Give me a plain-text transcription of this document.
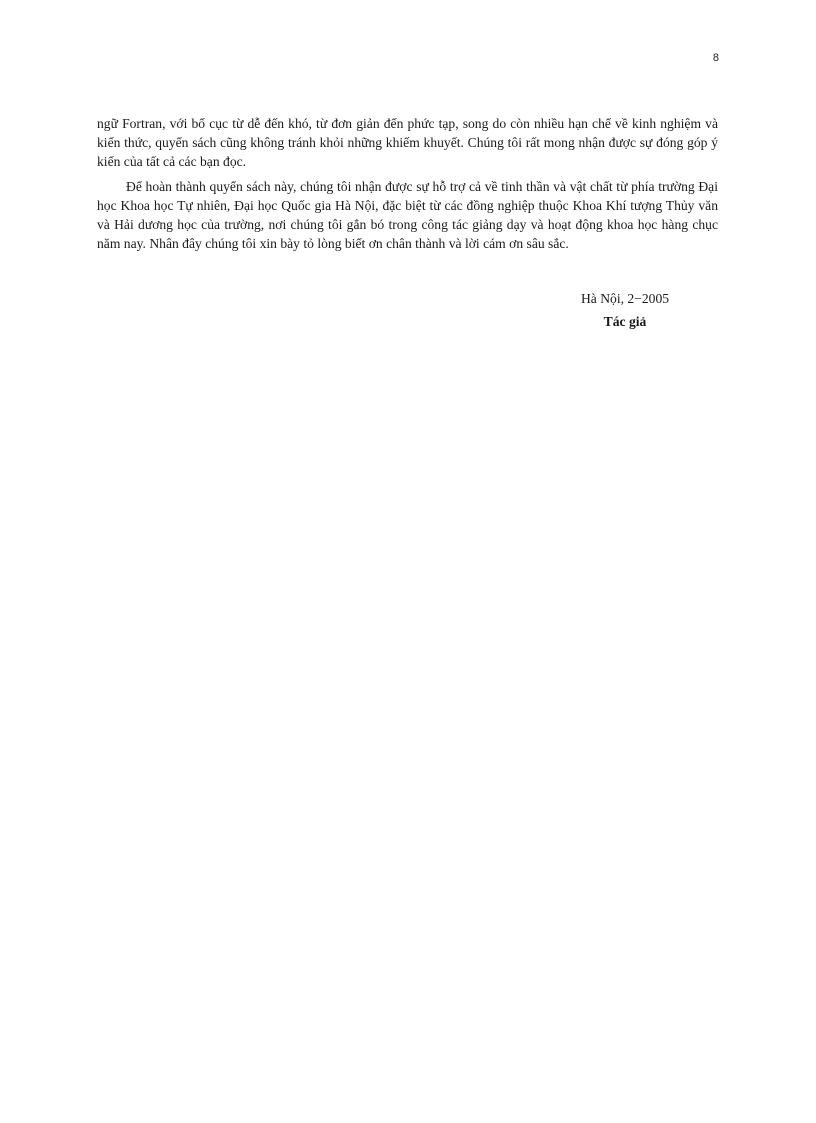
8

ngữ Fortran, với bố cục từ dễ đến khó, từ đơn giản đến phức tạp, song do còn nhiều hạn chế về kinh nghiệm và kiến thức, quyển sách cũng không tránh khỏi những khiếm khuyết. Chúng tôi rất mong nhận được sự đóng góp ý kiến của tất cả các bạn đọc.

Để hoàn thành quyển sách này, chúng tôi nhận được sự hỗ trợ cả về tinh thần và vật chất từ phía trường Đại học Khoa học Tự nhiên, Đại học Quốc gia Hà Nội, đặc biệt từ các đồng nghiệp thuộc Khoa Khí tượng Thủy văn và Hải dương học của trường, nơi chúng tôi gắn bó trong công tác giảng dạy và hoạt động khoa học hàng chục năm nay. Nhân đây chúng tôi xin bày tỏ lòng biết ơn chân thành và lời cám ơn sâu sắc.

Hà Nội, 2−2005
Tác giả
